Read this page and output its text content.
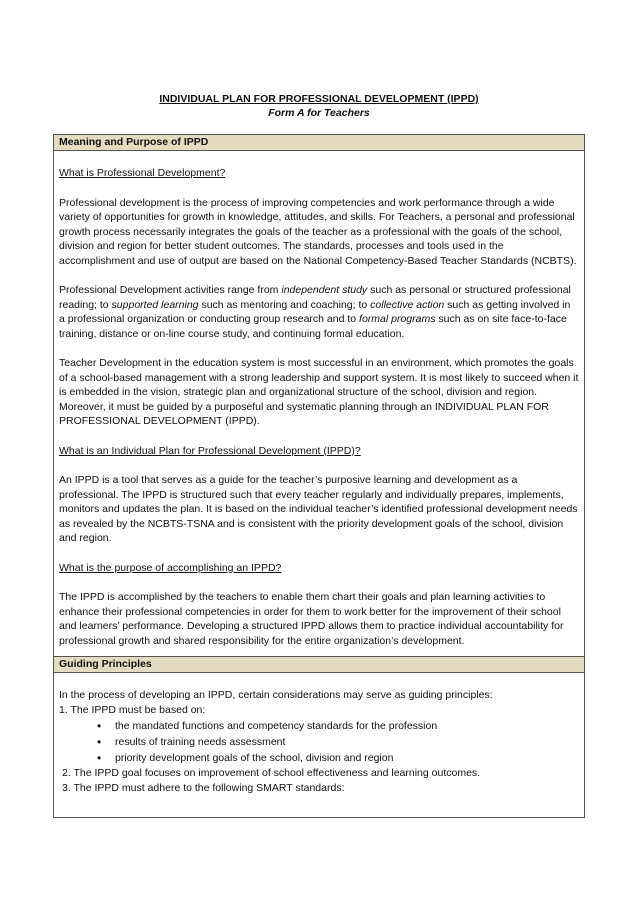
INDIVIDUAL PLAN FOR PROFESSIONAL DEVELOPMENT (IPPD)
Form A for Teachers
Meaning and Purpose of IPPD

What is Professional Development?

Professional development is the process of improving competencies and work performance through a wide variety of opportunities for growth in knowledge, attitudes, and skills. For Teachers, a personal and professional growth process necessarily integrates the goals of the teacher as a professional with the goals of the school, division and region for better student outcomes. The standards, processes and tools used in the accomplishment and use of output are based on the National Competency-Based Teacher Standards (NCBTS).

Professional Development activities range from independent study such as personal or structured professional reading; to supported learning such as mentoring and coaching; to collective action such as getting involved in a professional organization or conducting group research and to formal programs such as on site face-to-face training, distance or on-line course study, and continuing formal education.

Teacher Development in the education system is most successful in an environment, which promotes the goals of a school-based management with a strong leadership and support system. It is most likely to succeed when it is embedded in the vision, strategic plan and organizational structure of the school, division and region. Moreover, it must be guided by a purposeful and systematic planning through an INDIVIDUAL PLAN FOR PROFESSIONAL DEVELOPMENT (IPPD).

What is an Individual Plan for Professional Development (IPPD)?

An IPPD is a tool that serves as a guide for the teacher’s purposive learning and development as a professional. The IPPD is structured such that every teacher regularly and individually prepares, implements, monitors and updates the plan. It is based on the individual teacher’s identified professional development needs as revealed by the NCBTS-TSNA and is consistent with the priority development goals of the school, division and region.

What is the purpose of accomplishing an IPPD?

The IPPD is accomplished by the teachers to enable them chart their goals and plan learning activities to enhance their professional competencies in order for them to work better for the improvement of their school and learners’ performance. Developing a structured IPPD allows them to practice individual accountability for professional growth and shared responsibility for the entire organization’s development.

Guiding Principles

In the process of developing an IPPD, certain considerations may serve as guiding principles:

1. The IPPD must be based on:

• the mandated functions and competency standards for the profession
• results of training needs assessment
• priority development goals of the school, division and region

2. The IPPD goal focuses on improvement of school effectiveness and learning outcomes.

3. The IPPD must adhere to the following SMART standards:
